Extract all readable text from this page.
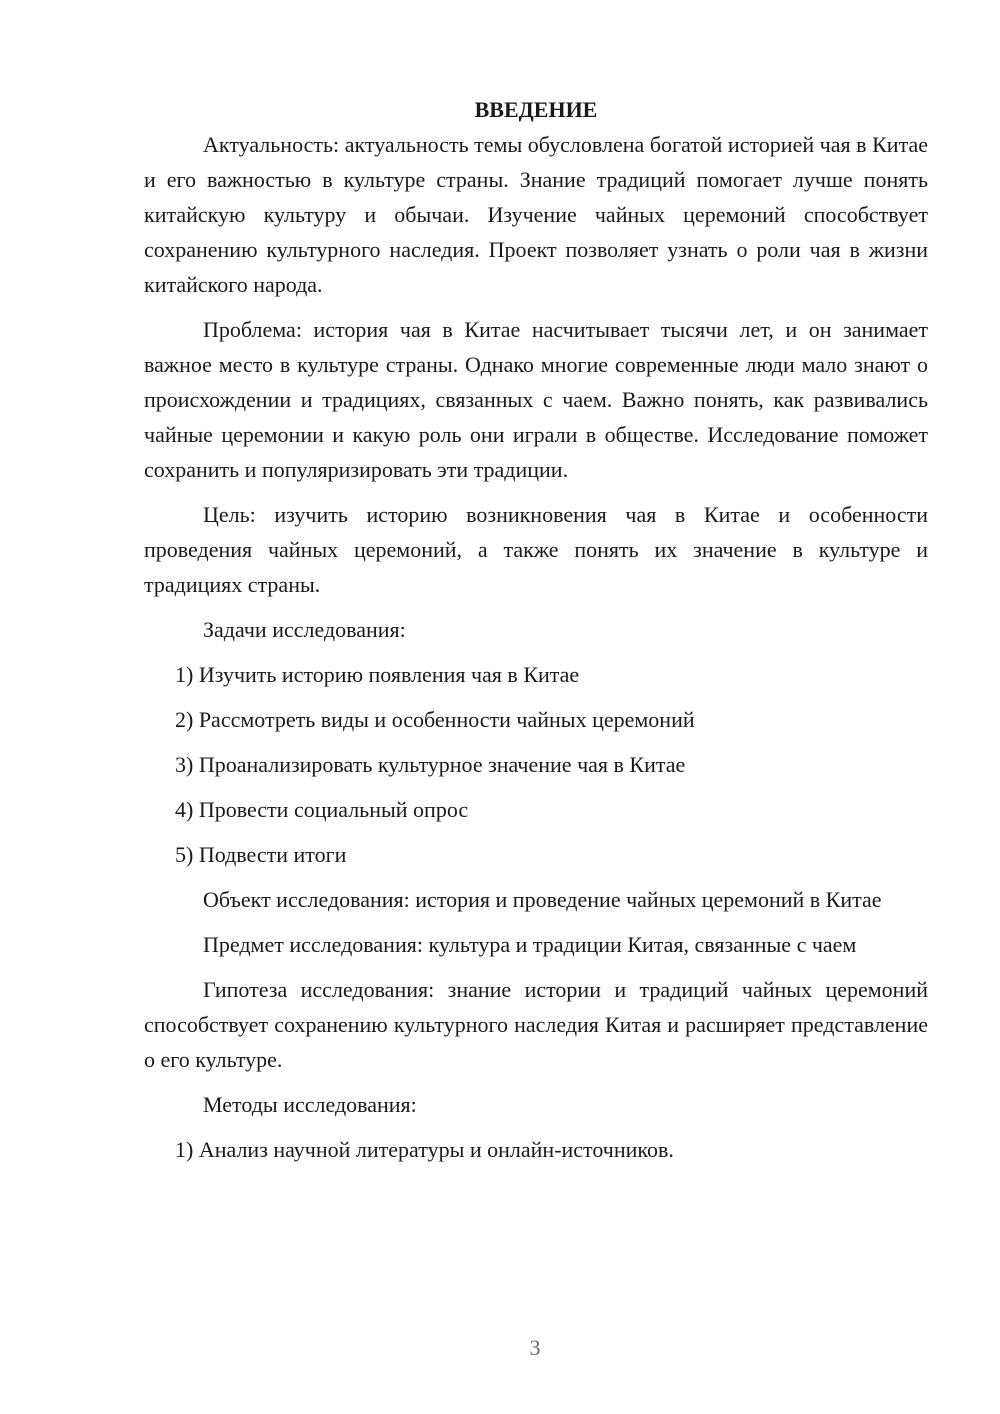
ВВЕДЕНИЕ

Актуальность: актуальность темы обусловлена богатой историей чая в Китае и его важностью в культуре страны. Знание традиций помогает лучше понять китайскую культуру и обычаи. Изучение чайных церемоний способствует сохранению культурного наследия. Проект позволяет узнать о роли чая в жизни китайского народа.

Проблема: история чая в Китае насчитывает тысячи лет, и он занимает важное место в культуре страны. Однако многие современные люди мало знают о происхождении и традициях, связанных с чаем. Важно понять, как развивались чайные церемонии и какую роль они играли в обществе. Исследование поможет сохранить и популяризировать эти традиции.

Цель: изучить историю возникновения чая в Китае и особенности проведения чайных церемоний, а также понять их значение в культуре и традициях страны.

Задачи исследования:

1) Изучить историю появления чая в Китае
2) Рассмотреть виды и особенности чайных церемоний
3) Проанализировать культурное значение чая в Китае
4) Провести социальный опрос
5) Подвести итоги

Объект исследования: история и проведение чайных церемоний в Китае

Предмет исследования: культура и традиции Китая, связанные с чаем

Гипотеза исследования: знание истории и традиций чайных церемоний способствует сохранению культурного наследия Китая и расширяет представление о его культуре.

Методы исследования:

1) Анализ научной литературы и онлайн-источников.
3
